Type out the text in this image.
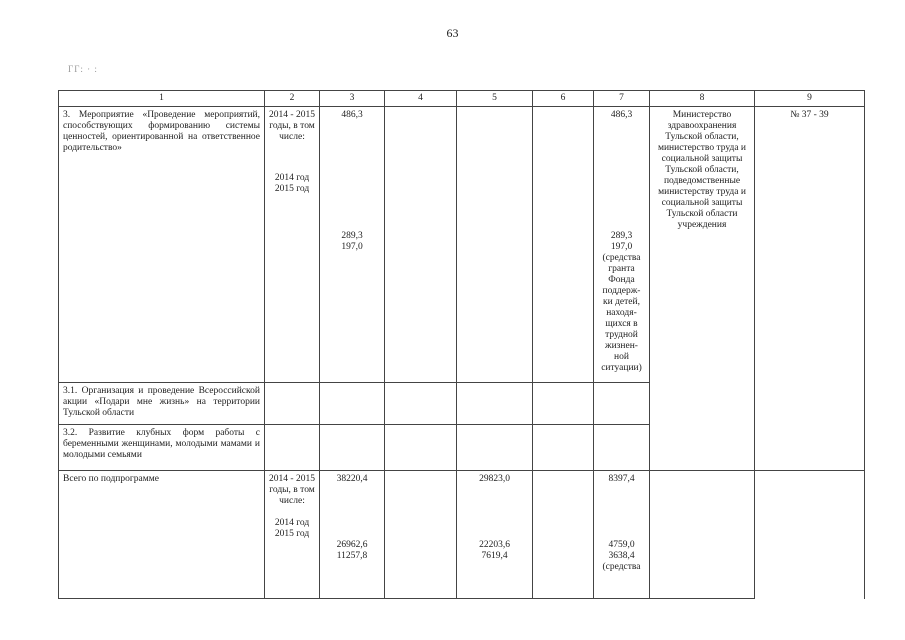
63
ГГ: · :
1	2	3	4	5	6	7	8	9
3. Мероприятие «Проведение мероприятий, способствующих формированию системы ценностей, ориентированной на ответственное родительство»	2014 - 2015 годы, в том числе:
2014 год
2015 год	486,3
289,3
197,0				486,3
289,3
197,0
(средства гранта Фонда поддерж-ки детей, находя-щихся в трудной жизнен-ной ситуации)	Министерство здравоохранения Тульской области, министерство труда и социальной защиты Тульской области, подведомственные министерству труда и социальной защиты Тульской области учреждения	№ 37 - 39
3.1. Организация и проведение Всероссийской акции «Подари мне жизнь» на территории Тульской области								
3.2. Развитие клубных форм работы с беременными женщинами, молодыми мамами и молодыми семьями								
Всего по подпрограмме	2014 - 2015 годы, в том числе:
2014 год
2015 год	38220,4
26962,6
11257,8		29823,0
22203,6
7619,4		8397,4
4759,0
3638,4
(средства		
